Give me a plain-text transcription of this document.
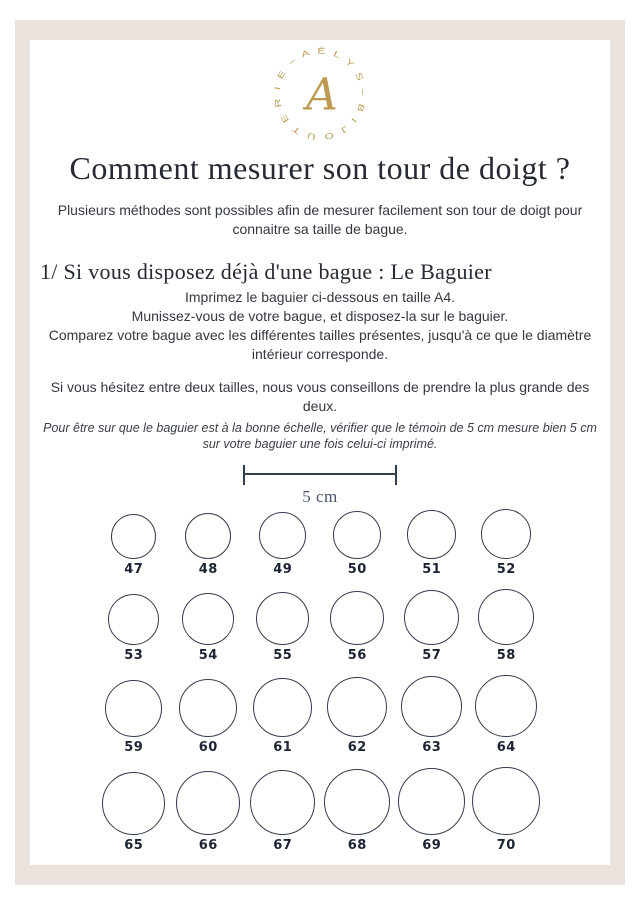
– A Ë L Y S – B I J O U T E R I E A
Comment mesurer son tour de doigt ?
Plusieurs méthodes sont possibles afin de mesurer facilement son tour de doigt pour connaitre sa taille de bague.
1/ Si vous disposez déjà d'une bague : Le Baguier
Imprimez le baguier ci-dessous en taille A4.
Munissez-vous de votre bague, et disposez-la sur le baguier.
Comparez votre bague avec les différentes tailles présentes, jusqu'à ce que le diamètre intérieur corresponde.
Si vous hésitez entre deux tailles, nous vous conseillons de prendre la plus grande des deux.
Pour être sur que le baguier est à la bonne échelle, vérifier que le témoin de 5 cm mesure bien 5 cm sur votre baguier une fois celui-ci imprimé.
5 cm
47	48	49	50	51	52
53	54	55	56	57	58
59	60	61	62	63	64
65	66	67	68	69	70
